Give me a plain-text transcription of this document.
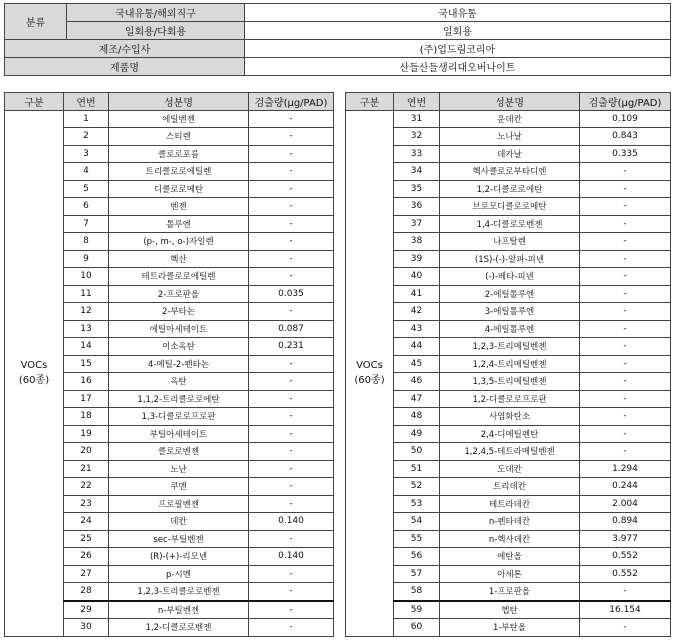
분류	국내유통/해외직구	국내유통
	일회용/다회용	일회용
제조/수입사		(주)업드림코리아
제품명		산들산들생리대오버나이트
구분	연번	성분명	검출량(μg/PAD)
VOCs
(60종)	1	에틸벤젠	-
	2	스티렌	-
	3	클로로포름	-
	4	트리클로로에틸렌	-
	5	디클로로메탄	-
	6	벤젠	-
	7	톨루엔	-
	8	(p-, m-, o-)자일렌	-
	9	헥산	-
	10	테트라클로로에틸렌	-
	11	2-프로판올	0.035
	12	2-부타논	-
	13	에틸아세테이트	0.087
	14	이소옥탄	0.231
	15	4-메틸-2-펜타논	-
	16	옥탄	-
	17	1,1,2-트리클로로에탄	-
	18	1,3-디클로로프로판	-
	19	부틸아세테이트	-
	20	클로로벤젠	-
	21	노난	-
	22	쿠멘	-
	23	프로필벤젠	-
	24	데칸	0.140
	25	sec-부틸벤젠	-
	26	(R)-(+)-리모넨	0.140
	27	p-시멘	-
	28	1,2,3-트리클로로벤젠	-
	29	n-부틸벤젠	-
	30	1,2-디클로로벤젠	-
구분	연번	성분명	검출량(μg/PAD)
VOCs
(60종)	31	운데칸	0.109
	32	노나날	0.843
	33	데카날	0.335
	34	헥사클로로부타디엔	-
	35	1,2-디클로로에탄	-
	36	브로모디클로로메탄	-
	37	1,4-디클로로벤젠	-
	38	나프탈렌	-
	39	(1S)-(-)-알파-피넨	-
	40	(-)-베타-피넨	-
	41	2-에틸톨루엔	-
	42	3-에틸톨루엔	-
	43	4-에틸톨루엔	-
	44	1,2,3-트리메틸벤젠	-
	45	1,2,4-트리메틸벤젠	-
	46	1,3,5-트리메틸벤젠	-
	47	1,2-디클로로프로판	-
	48	사염화탄소	-
	49	2,4-디메틸펜탄	-
	50	1,2,4,5-테트라메틸벤젠	-
	51	도데칸	1.294
	52	트리데칸	0.244
	53	테트라데칸	2.004
	54	n-펜타데칸	0.894
	55	n-헥사데칸	3.977
	56	에탄올	0.552
	57	아세톤	0.552
	58	1-프로판올	-
	59	헵탄	16.154
	60	1-부탄올	-
